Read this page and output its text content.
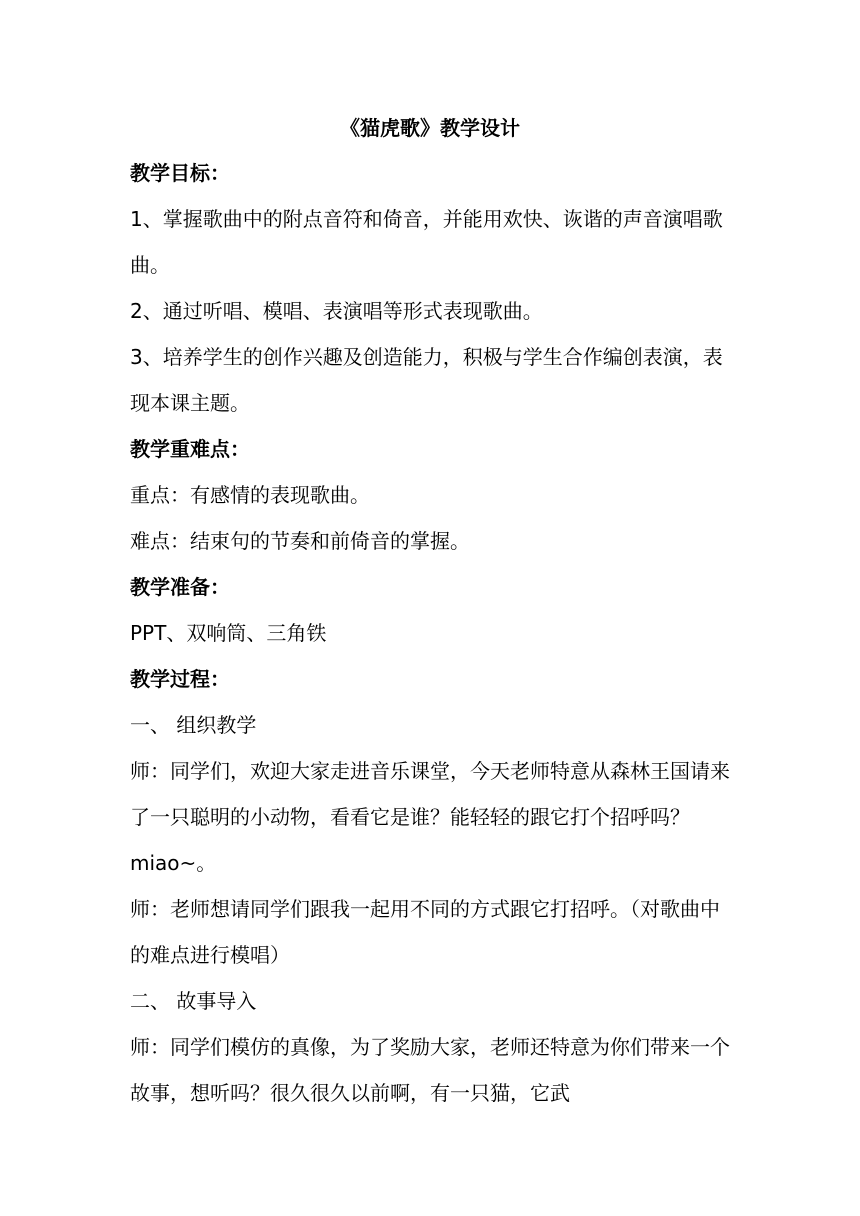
《猫虎歌》教学设计

教学目标：

1、掌握歌曲中的附点音符和倚音，并能用欢快、诙谐的声音演唱歌曲。

2、通过听唱、模唱、表演唱等形式表现歌曲。

3、培养学生的创作兴趣及创造能力，积极与学生合作编创表演，表现本课主题。

教学重难点：

重点：有感情的表现歌曲。

难点：结束句的节奏和前倚音的掌握。

教学准备：

PPT、双响筒、三角铁

教学过程：

一、 组织教学

师：同学们，欢迎大家走进音乐课堂，今天老师特意从森林王国请来了一只聪明的小动物，看看它是谁？能轻轻的跟它打个招呼吗？miao~。

师：老师想请同学们跟我一起用不同的方式跟它打招呼。（对歌曲中的难点进行模唱）

二、 故事导入

师：同学们模仿的真像，为了奖励大家，老师还特意为你们带来一个故事，想听吗？很久很久以前啊，有一只猫，它武
